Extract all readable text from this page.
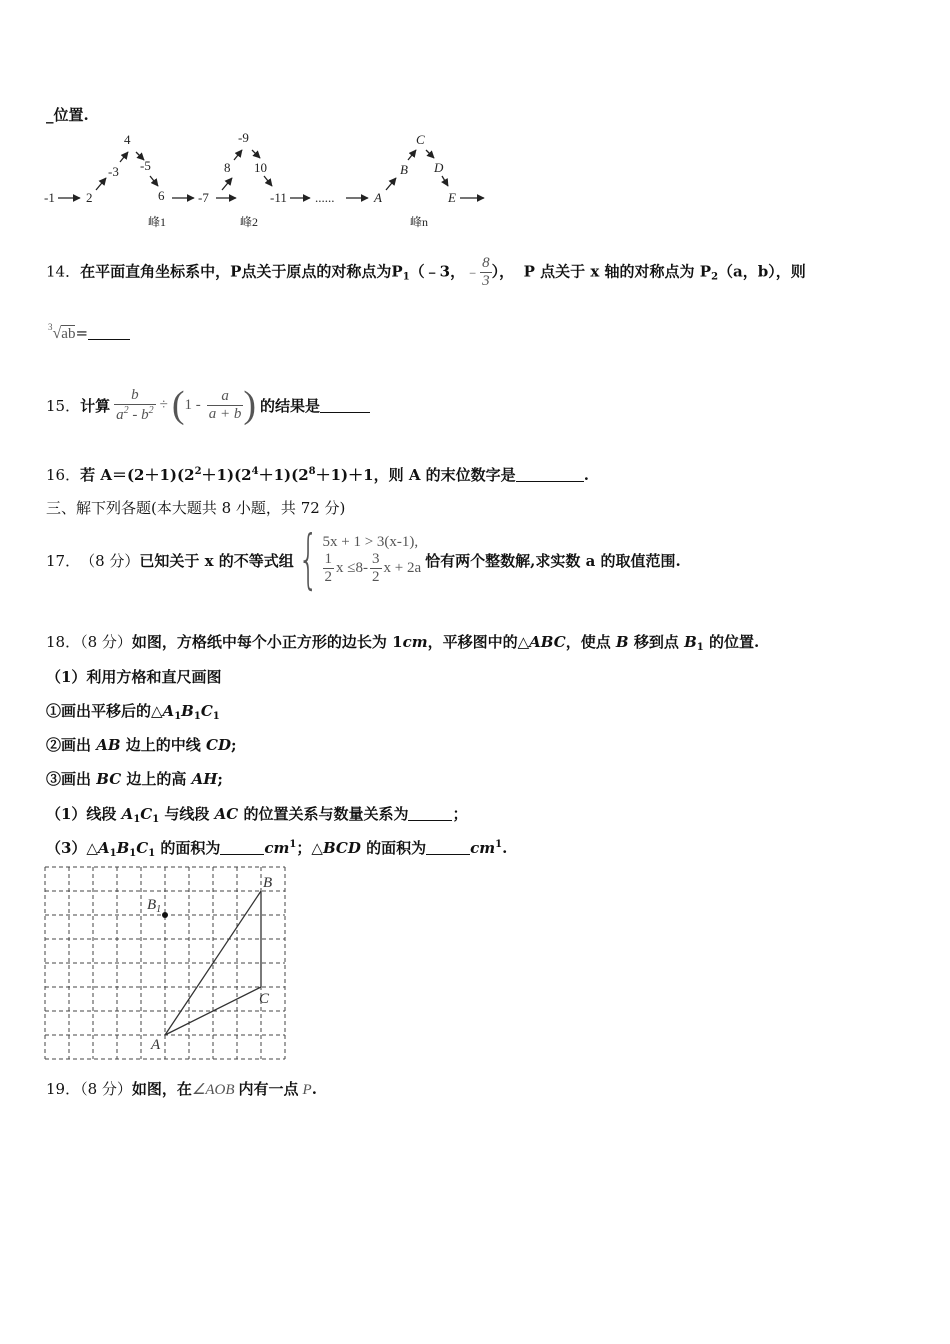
_位置.
-1 2
-3
4
-5
6
峰1
-7
8
-9
10
-11
峰2
......	A
B
C
D
E
峰n
14．在平面直角坐标系中，P点关于原点的对称点为$P_1(﹣3$，﹣ $\frac{8}{3}$ ）， P 点关于 x 轴的对称点为 $P_2(a$，b），则
$^3$√ab=
15． 计算 $\frac{b}{a^2 - b^2}$ ÷ ( $1 - \frac{a}{a + b}$ ) 的结果是
16．若 $A=(2+1)(2^2+1)(2^4+1)(2^8+1)+1$，则 A 的末位数字是	.
三、解下列各题(本大题共 8 小题，共 72 分)
17． （8 分） 已知关于 x 的不等式组 { 5x + 1 > 3(x-1),
$\frac{1}{2}$ $x \le 8- \frac{3}{2}$ x + 2a 恰有两个整数解,求实数 a 的取值范围.
18．（8 分）如图，方格纸中每个小正方形的边长为 1cm，平移图中的△ABC，使点 B 移到点 $B_1$ 的位置.
（1）利用方格和直尺画图
①画出平移后的$\triangle A_1B_1C_1$
②画出 AB 边上的中线 CD;
③画出 BC 边上的高 AH;
（1）线段 $A_1C_1$ 与线段 AC 的位置关系与数量关系为	；
$(3)\triangle A_1B_1C_1$ 的面积为	$cm^1$；△BCD 的面积为	$cm^1$.
A
B
C
$B_1$
19．（8 分）如图，在∠AOB 内有一点 P.
